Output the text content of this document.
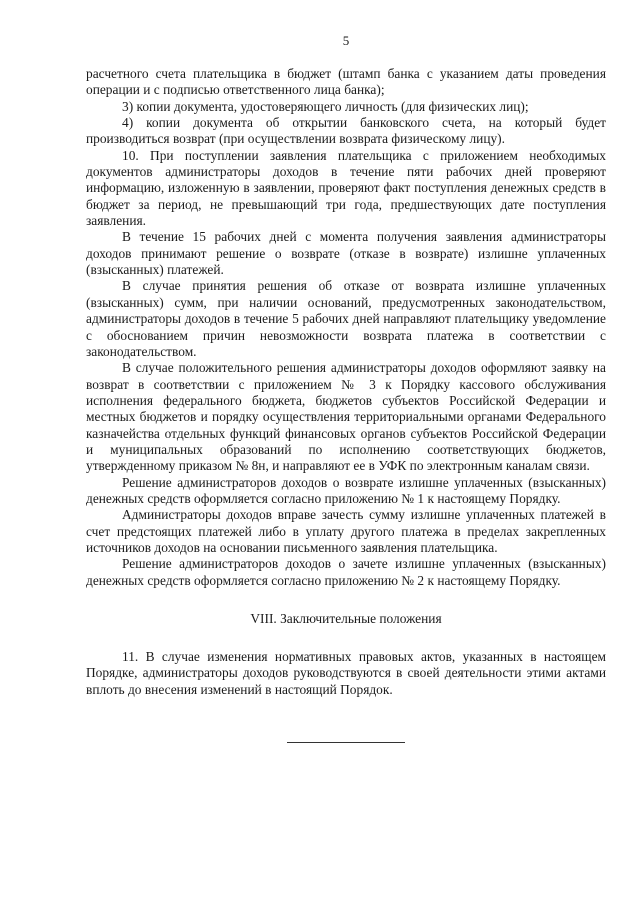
5

расчетного счета плательщика в бюджет (штамп банка с указанием даты проведения операции и с подписью ответственного лица банка);

3) копии документа, удостоверяющего личность (для физических лиц);

4) копии документа об открытии банковского счета, на который будет производиться возврат (при осуществлении возврата физическому лицу).

10. При поступлении заявления плательщика с приложением необходимых документов администраторы доходов в течение пяти рабочих дней проверяют информацию, изложенную в заявлении, проверяют факт поступления денежных средств в бюджет за период, не превышающий три года, предшествующих дате поступления заявления.

В течение 15 рабочих дней с момента получения заявления администраторы доходов принимают решение о возврате (отказе в возврате) излишне уплаченных (взысканных) платежей.

В случае принятия решения об отказе от возврата излишне уплаченных (взысканных) сумм, при наличии оснований, предусмотренных законодательством, администраторы доходов в течение 5 рабочих дней направляют плательщику уведомление с обоснованием причин невозможности возврата платежа в соответствии с законодательством.

В случае положительного решения администраторы доходов оформляют заявку на возврат в соответствии с приложением № 3 к Порядку кассового обслуживания исполнения федерального бюджета, бюджетов субъектов Российской Федерации и местных бюджетов и порядку осуществления территориальными органами Федерального казначейства отдельных функций финансовых органов субъектов Российской Федерации и муниципальных образований по исполнению соответствующих бюджетов, утвержденному приказом № 8н, и направляют ее в УФК по электронным каналам связи.

Решение администраторов доходов о возврате излишне уплаченных (взысканных) денежных средств оформляется согласно приложению № 1 к настоящему Порядку.

Администраторы доходов вправе зачесть сумму излишне уплаченных платежей в счет предстоящих платежей либо в уплату другого платежа в пределах закрепленных источников доходов на основании письменного заявления плательщика.

Решение администраторов доходов о зачете излишне уплаченных (взысканных) денежных средств оформляется согласно приложению № 2 к настоящему Порядку.

VIII. Заключительные положения

11. В случае изменения нормативных правовых актов, указанных в настоящем Порядке, администраторы доходов руководствуются в своей деятельности этими актами вплоть до внесения изменений в настоящий Порядок.
